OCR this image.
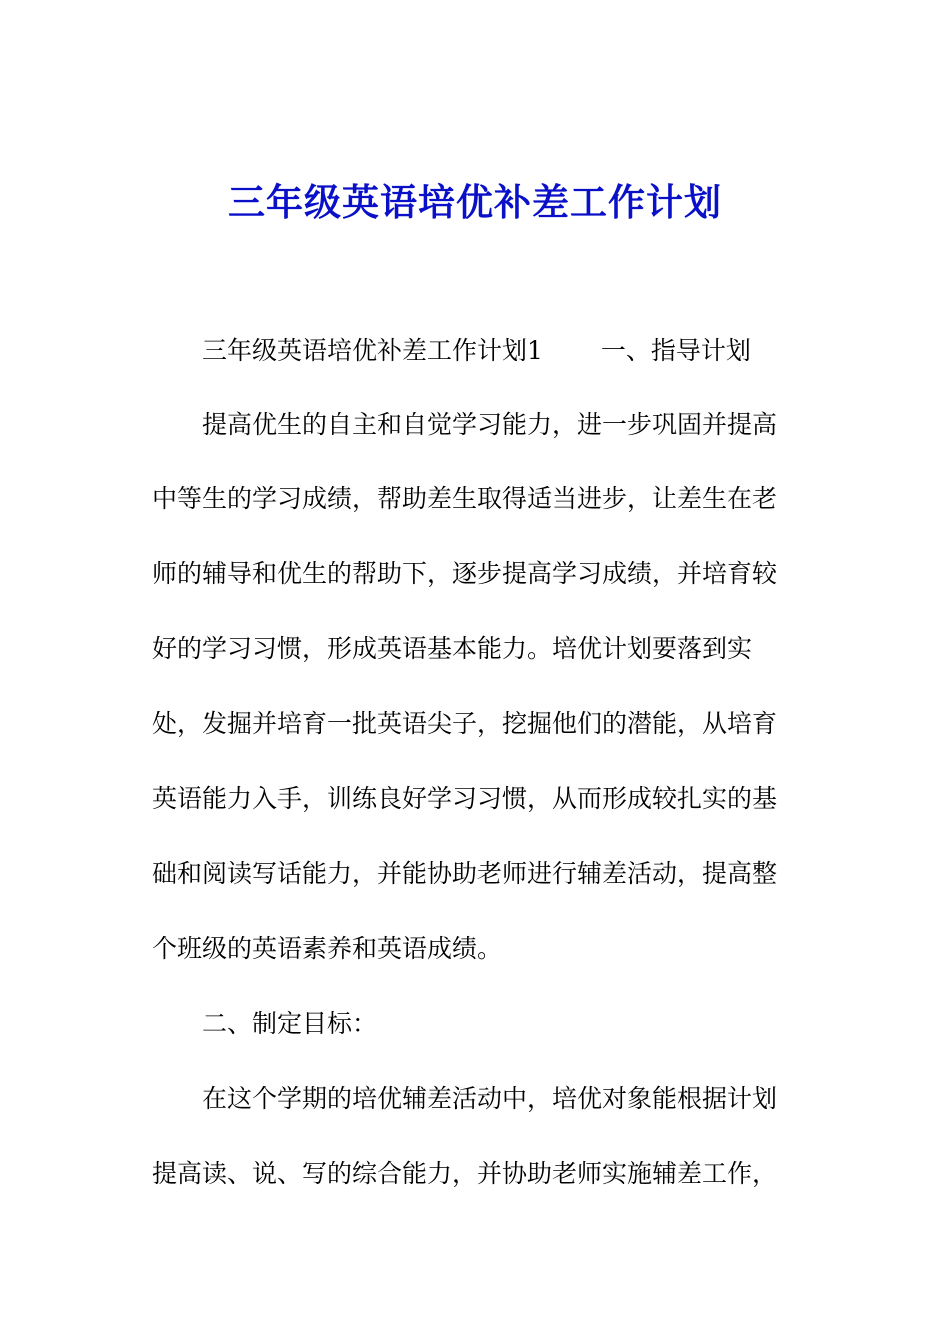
三年级英语培优补差工作计划
三年级英语培优补差工作计划1 一、指导计划
提高优生的自主和自觉学习能力，进一步巩固并提高
中等生的学习成绩，帮助差生取得适当进步，让差生在老
师的辅导和优生的帮助下，逐步提高学习成绩，并培育较
好的学习习惯，形成英语基本能力。培优计划要落到实
处，发掘并培育一批英语尖子，挖掘他们的潜能，从培育
英语能力入手，训练良好学习习惯，从而形成较扎实的基
础和阅读写话能力，并能协助老师进行辅差活动，提高整
个班级的英语素养和英语成绩。
二、制定目标：
在这个学期的培优辅差活动中，培优对象能根据计划
提高读、说、写的综合能力，并协助老师实施辅差工作，
